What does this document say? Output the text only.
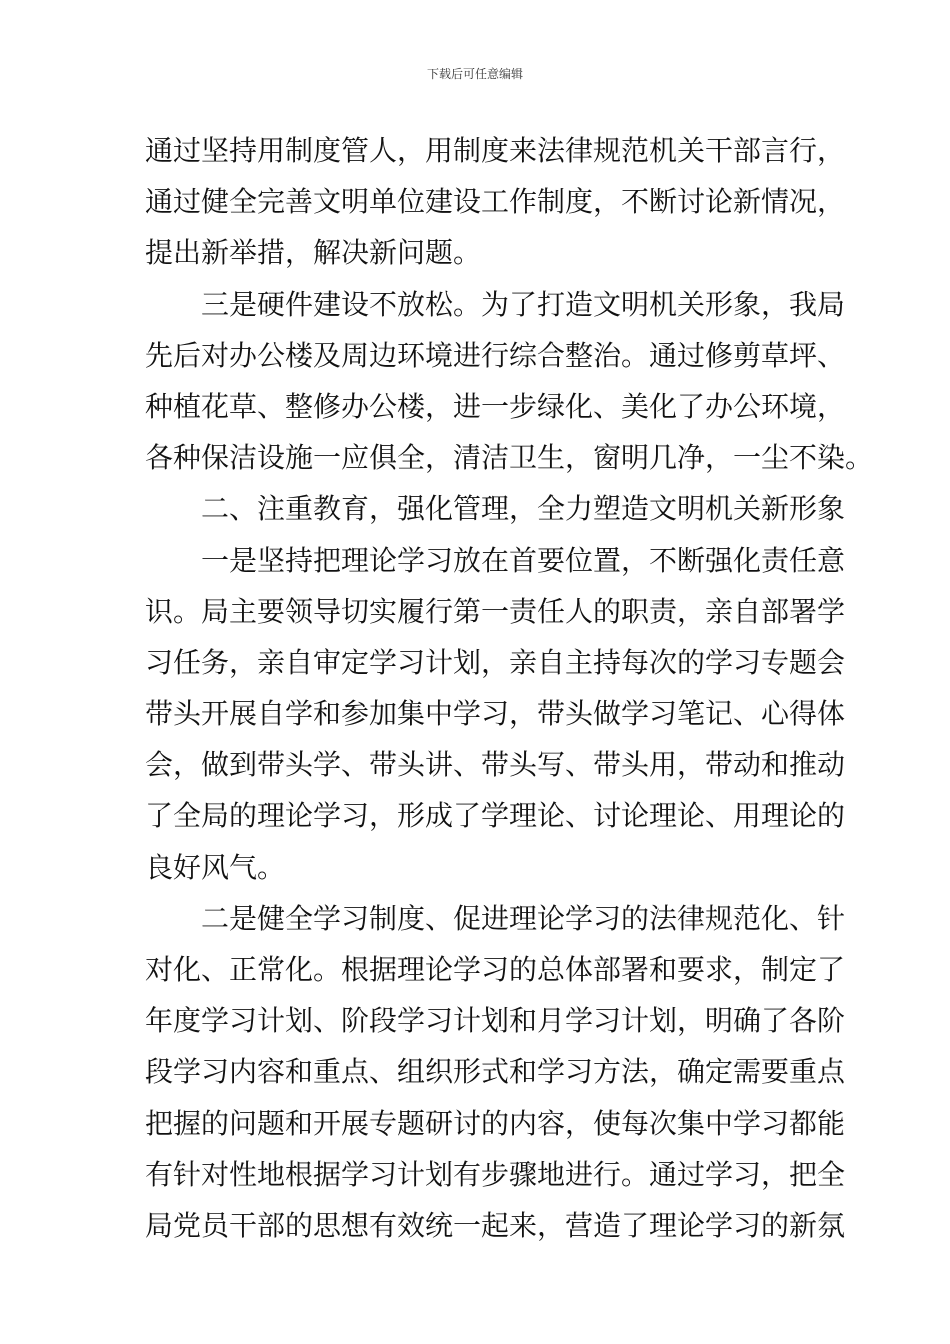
下载后可任意编辑
通过坚持用制度管人，用制度来法律规范机关干部言行，
通过健全完善文明单位建设工作制度，不断讨论新情况，
提出新举措，解决新问题。
三是硬件建设不放松。为了打造文明机关形象，我局
先后对办公楼及周边环境进行综合整治。通过修剪草坪、
种植花草、整修办公楼，进一步绿化、美化了办公环境，
各种保洁设施一应俱全，清洁卫生，窗明几净，一尘不染。
二、注重教育，强化管理，全力塑造文明机关新形象
一是坚持把理论学习放在首要位置，不断强化责任意
识。局主要领导切实履行第一责任人的职责，亲自部署学
习任务，亲自审定学习计划，亲自主持每次的学习专题会
带头开展自学和参加集中学习，带头做学习笔记、心得体
会，做到带头学、带头讲、带头写、带头用，带动和推动
了全局的理论学习，形成了学理论、讨论理论、用理论的
良好风气。
二是健全学习制度、促进理论学习的法律规范化、针
对化、正常化。根据理论学习的总体部署和要求，制定了
年度学习计划、阶段学习计划和月学习计划，明确了各阶
段学习内容和重点、组织形式和学习方法，确定需要重点
把握的问题和开展专题研讨的内容，使每次集中学习都能
有针对性地根据学习计划有步骤地进行。通过学习，把全
局党员干部的思想有效统一起来，营造了理论学习的新氛
